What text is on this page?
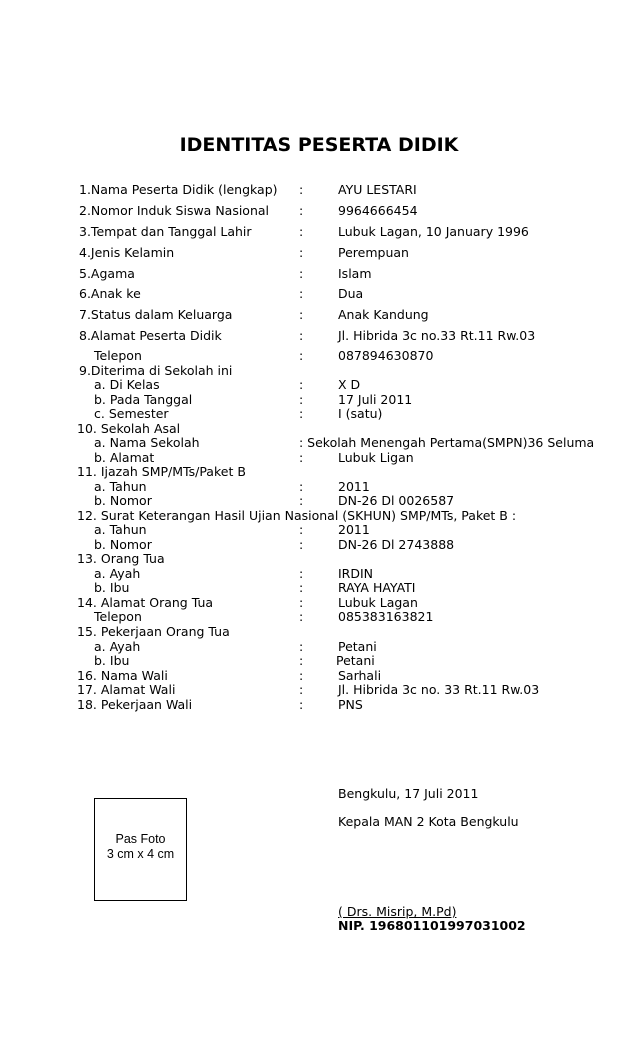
IDENTITAS PESERTA DIDIK
1.Nama Peserta Didik (lengkap) :	AYU LESTARI
2.Nomor Induk Siswa Nasional :	9964666454
3.Tempat dan Tanggal Lahir	:	Lubuk Lagan, 10 January 1996
4.Jenis Kelamin	:	Perempuan
5.Agama	:	Islam
6.Anak ke	:	Dua
7.Status dalam Keluarga	:	Anak Kandung
8.Alamat Peserta Didik	:	Jl. Hibrida 3c no.33 Rt.11 Rw.03
Telepon	:	087894630870
9.Diterima di Sekolah ini
a. Di Kelas	:	X D
b. Pada Tanggal	:	17 Juli 2011
c. Semester	:	I (satu)
10. Sekolah Asal
a. Nama Sekolah	: Sekolah Menengah Pertama(SMPN)36 Seluma
b. Alamat	:	Lubuk Ligan
11. Ijazah SMP/MTs/Paket B
a. Tahun	:	2011
b. Nomor	:	DN-26 Dl 0026587
12. Surat Keterangan Hasil Ujian Nasional (SKHUN) SMP/MTs, Paket B :
a. Tahun	:	2011
b. Nomor	:	DN-26 Dl 2743888
13. Orang Tua
a. Ayah	:	IRDIN
b. Ibu	:	RAYA HAYATI
14. Alamat Orang Tua	:	Lubuk Lagan
Telepon	:	085383163821
15. Pekerjaan Orang Tua
a. Ayah	:	Petani
b. Ibu	:	Petani
16. Nama Wali	:	Sarhali
17. Alamat Wali	:	Jl. Hibrida 3c no. 33 Rt.11 Rw.03
18. Pekerjaan Wali	:	PNS
Pas Foto
3 cm x 4 cm
Bengkulu, 17 Juli 2011
Kepala MAN 2 Kota Bengkulu
( Drs. Misrip, M.Pd)
NIP. 196801101997031002
